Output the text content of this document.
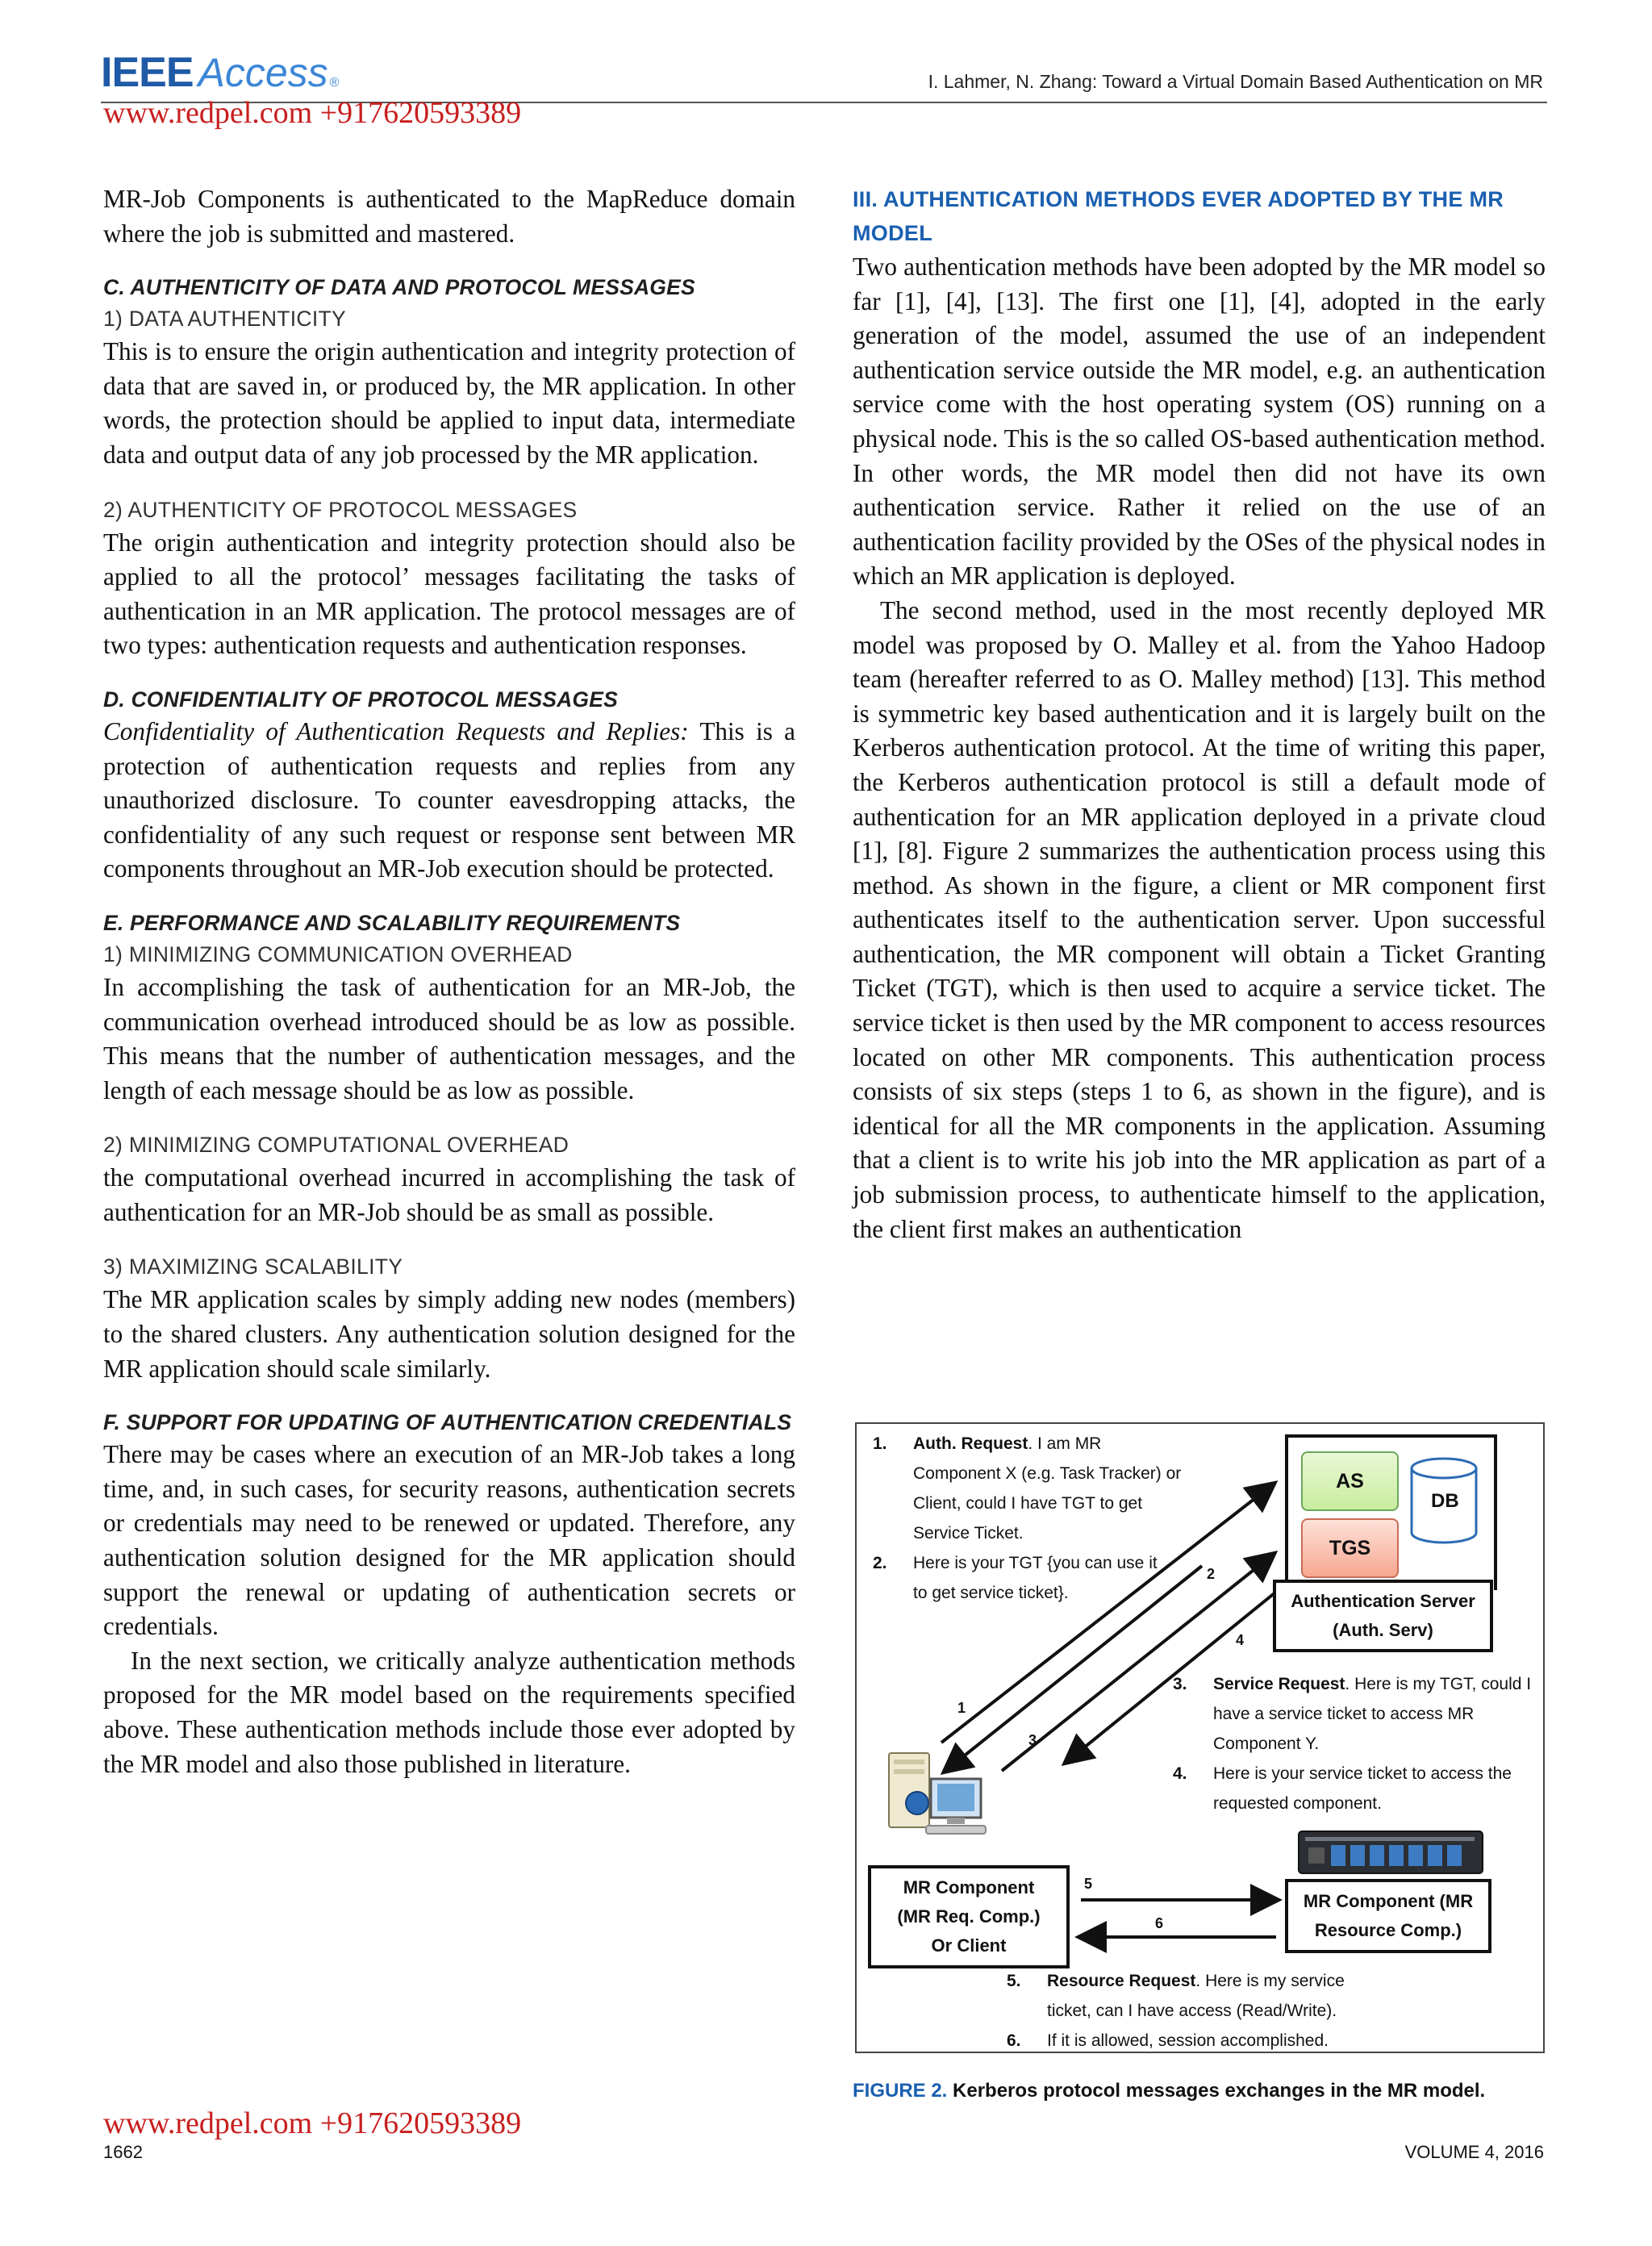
IEEE Access ®	I. Lahmer, N. Zhang: Toward a Virtual Domain Based Authentication on MR
www.redpel.com +917620593389

MR-Job Components is authenticated to the MapReduce domain where the job is submitted and mastered.

C. AUTHENTICITY OF DATA AND PROTOCOL MESSAGES
1) DATA AUTHENTICITY

This is to ensure the origin authentication and integrity protection of data that are saved in, or produced by, the MR application. In other words, the protection should be applied to input data, intermediate data and output data of any job processed by the MR application.

2) AUTHENTICITY OF PROTOCOL MESSAGES

The origin authentication and integrity protection should also be applied to all the protocol’ messages facilitating the tasks of authentication in an MR application. The protocol messages are of two types: authentication requests and authentication responses.

D. CONFIDENTIALITY OF PROTOCOL MESSAGES

Confidentiality of Authentication Requests and Replies: This is a protection of authentication requests and replies from any unauthorized disclosure. To counter eavesdropping attacks, the confidentiality of any such request or response sent between MR components throughout an MR-Job execution should be protected.

E. PERFORMANCE AND SCALABILITY REQUIREMENTS
1) MINIMIZING COMMUNICATION OVERHEAD

In accomplishing the task of authentication for an MR-Job, the communication overhead introduced should be as low as possible. This means that the number of authentication messages, and the length of each message should be as low as possible.

2) MINIMIZING COMPUTATIONAL OVERHEAD

the computational overhead incurred in accomplishing the task of authentication for an MR-Job should be as small as possible.

3) MAXIMIZING SCALABILITY

The MR application scales by simply adding new nodes (members) to the shared clusters. Any authentication solution designed for the MR application should scale similarly.

F. SUPPORT FOR UPDATING OF AUTHENTICATION CREDENTIALS

There may be cases where an execution of an MR-Job takes a long time, and, in such cases, for security reasons, authentication secrets or credentials may need to be renewed or updated. Therefore, any authentication solution designed for the MR application should support the renewal or updating of authentication secrets or credentials.

In the next section, we critically analyze authentication methods proposed for the MR model based on the requirements specified above. These authentication methods include those ever adopted by the MR model and also those published in literature.

III. AUTHENTICATION METHODS EVER ADOPTED BY THE MR MODEL

Two authentication methods have been adopted by the MR model so far [1], [4], [13]. The first one [1], [4], adopted in the early generation of the model, assumed the use of an independent authentication service outside the MR model, e.g. an authentication service come with the host operating system (OS) running on a physical node. This is the so called OS-based authentication method. In other words, the MR model then did not have its own authentication service. Rather it relied on the use of an authentication facility provided by the OSes of the physical nodes in which an MR application is deployed.

The second method, used in the most recently deployed MR model was proposed by O. Malley et al. from the Yahoo Hadoop team (hereafter referred to as O. Malley method) [13]. This method is symmetric key based authentication and it is largely built on the Kerberos authentication protocol. At the time of writing this paper, the Kerberos authentication protocol is still a default mode of authentication for an MR application deployed in a private cloud [1], [8]. Figure 2 summarizes the authentication process using this method. As shown in the figure, a client or MR component first authenticates itself to the authentication server. Upon successful authentication, the MR component will obtain a Ticket Granting Ticket (TGT), which is then used to acquire a service ticket. The service ticket is then used by the MR component to access resources located on other MR components. This authentication process consists of six steps (steps 1 to 6, as shown in the figure), and is identical for all the MR components in the application. Assuming that a client is to write his job into the MR application as part of a job submission process, to authenticate himself to the application, the client first makes an authentication

1. Auth. Request. I am MR
Component X (e.g. Task Tracker) or
Client, could I have TGT to get
Service Ticket.
2. Here is your TGT {you can use it
to get service ticket}.
AS
TGS
DB
Authentication Server
(Auth. Serv)
3. Service Request. Here is my TGT, could I
have a service ticket to access MR
Component Y.
4. Here is your service ticket to access the
requested component.
1
2
3
4
5
6
MR Component
(MR Req. Comp.)
Or Client
MR Component (MR
Resource Comp.)
5. Resource Request. Here is my service
ticket, can I have access (Read/Write).
6. If it is allowed, session accomplished.
FIGURE 2. Kerberos protocol messages exchanges in the MR model.
www.redpel.com +917620593389
1662	VOLUME 4, 2016
